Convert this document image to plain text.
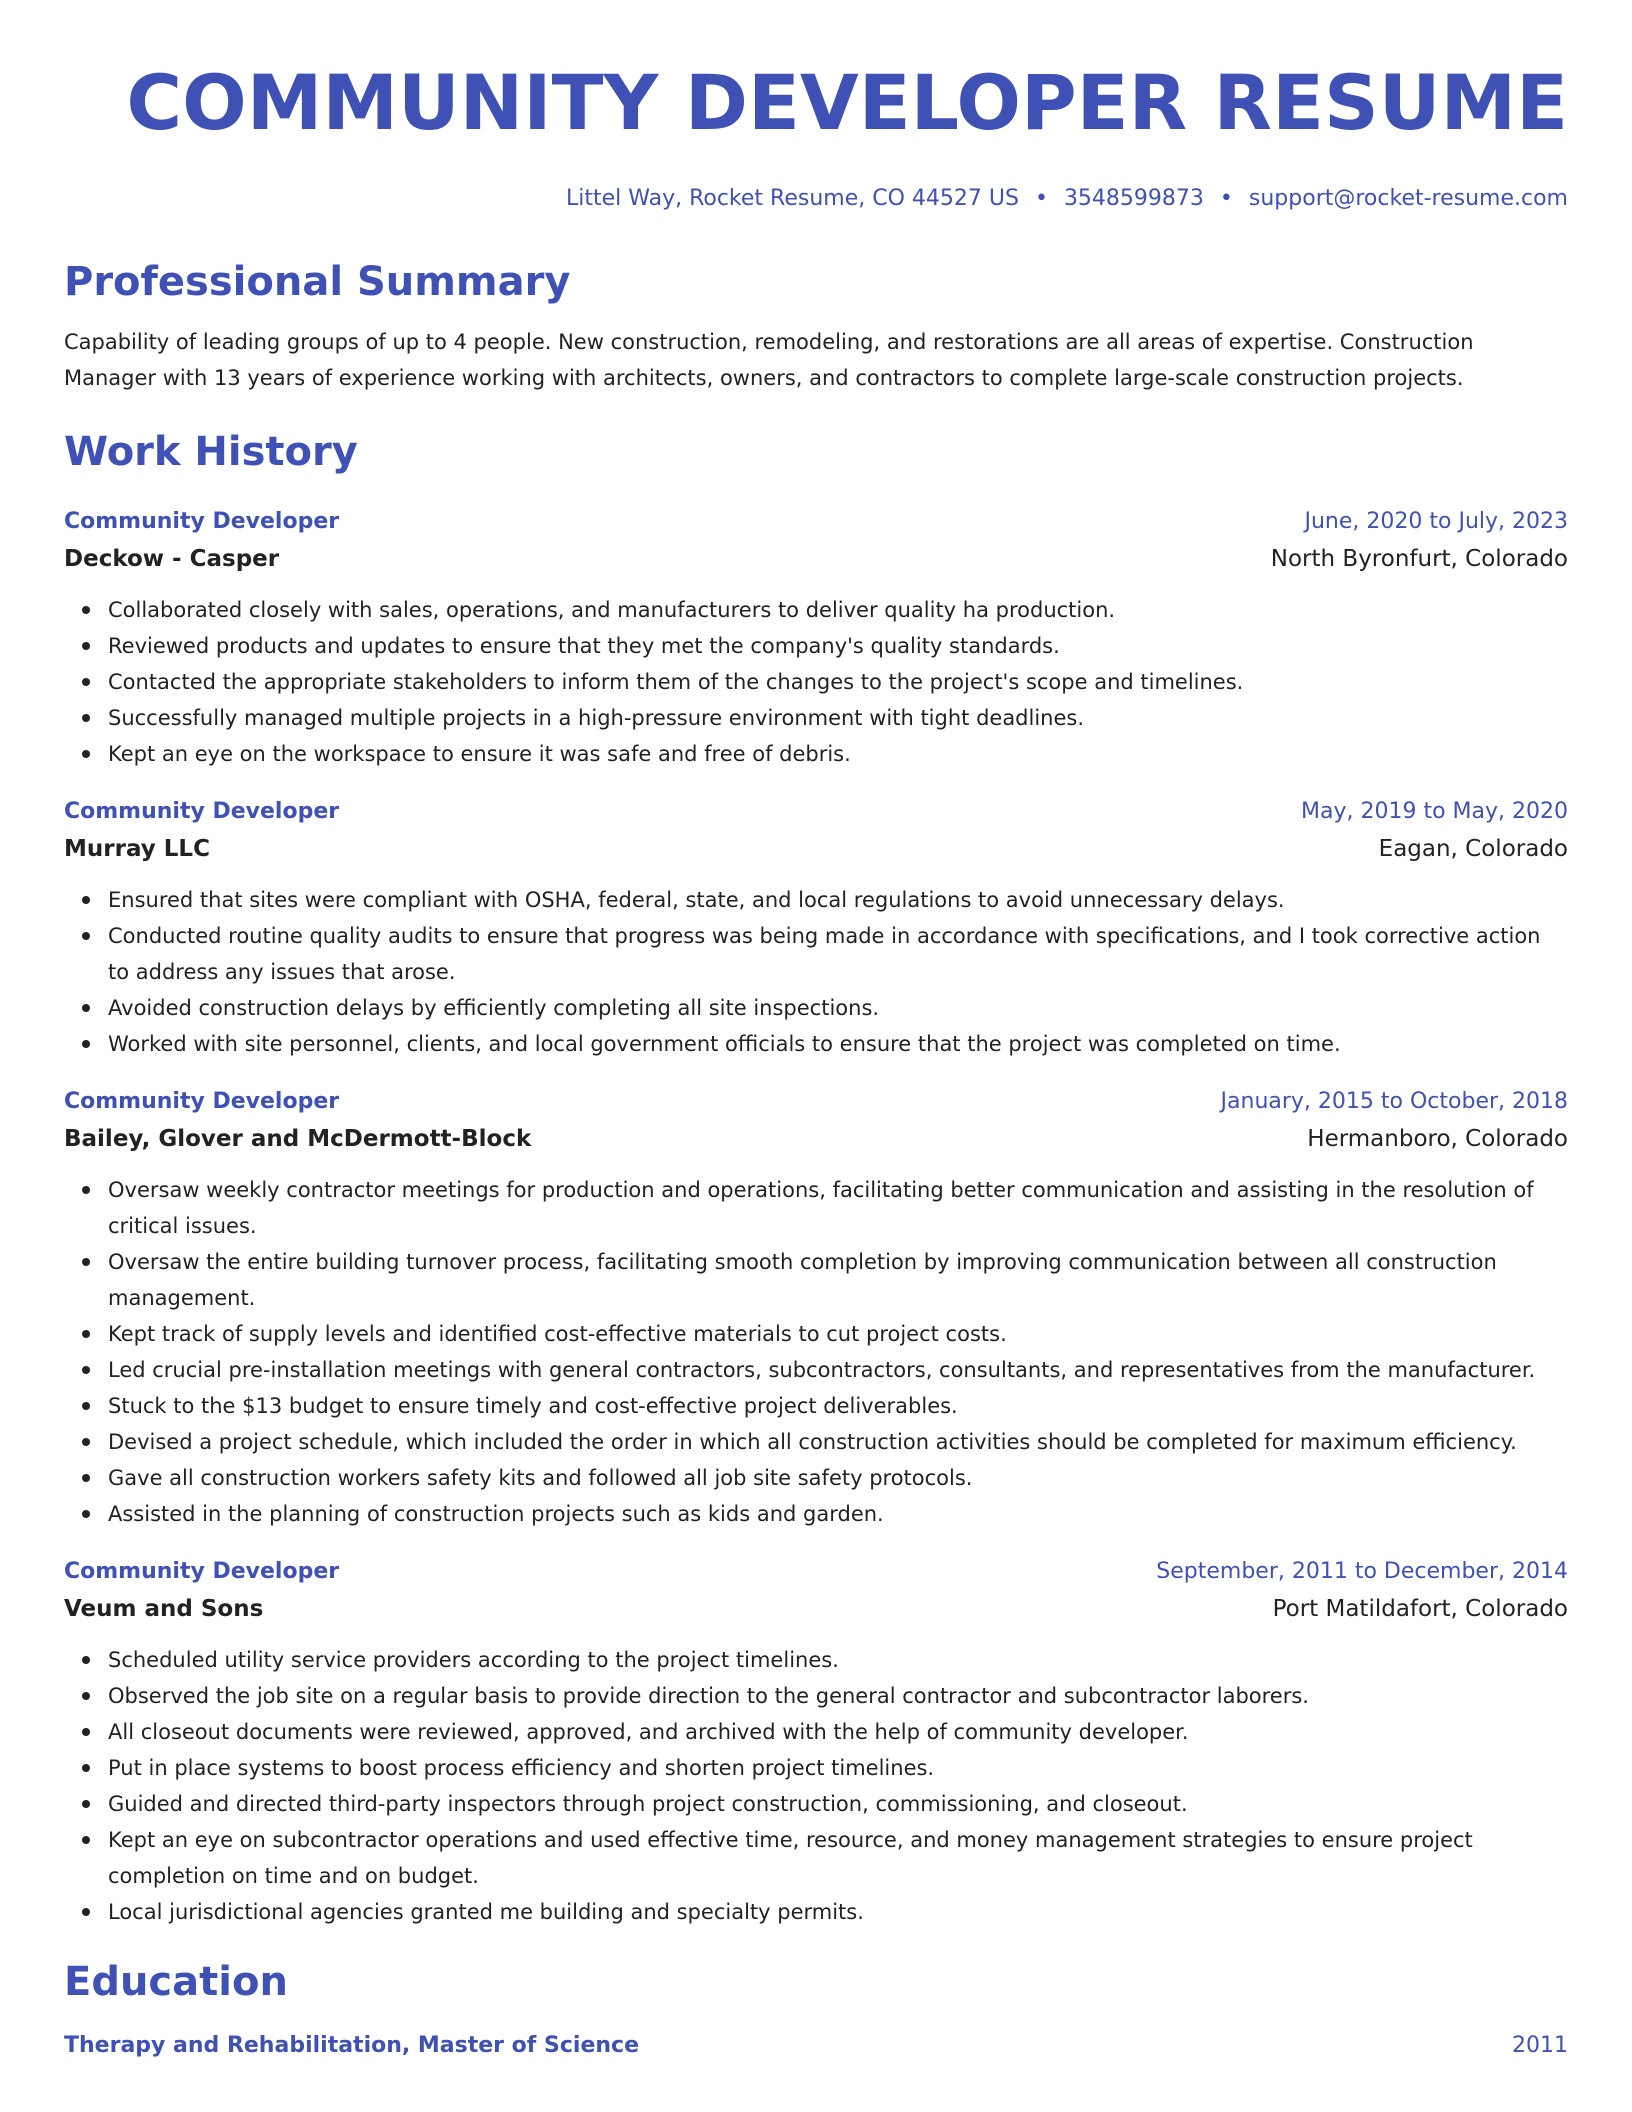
COMMUNITY DEVELOPER RESUME
Littel Way, Rocket Resume, CO 44527 US • 3548599873 • support@rocket-resume.com
Professional Summary

Capability of leading groups of up to 4 people. New construction, remodeling, and restorations are all areas of expertise. Construction Manager with 13 years of experience working with architects, owners, and contractors to complete large-scale construction projects.

Work History
Community Developer	June, 2020 to July, 2023
Deckow - Casper	North Byronfurt, Colorado
Collaborated closely with sales, operations, and manufacturers to deliver quality ha production.
Reviewed products and updates to ensure that they met the company's quality standards.
Contacted the appropriate stakeholders to inform them of the changes to the project's scope and timelines.
Successfully managed multiple projects in a high-pressure environment with tight deadlines.
Kept an eye on the workspace to ensure it was safe and free of debris.
Community Developer	May, 2019 to May, 2020
Murray LLC	Eagan, Colorado
Ensured that sites were compliant with OSHA, federal, state, and local regulations to avoid unnecessary delays.
Conducted routine quality audits to ensure that progress was being made in accordance with specifications, and I took corrective action to address any issues that arose.
Avoided construction delays by efficiently completing all site inspections.
Worked with site personnel, clients, and local government officials to ensure that the project was completed on time.
Community Developer	January, 2015 to October, 2018
Bailey, Glover and McDermott-Block	Hermanboro, Colorado
Oversaw weekly contractor meetings for production and operations, facilitating better communication and assisting in the resolution of critical issues.
Oversaw the entire building turnover process, facilitating smooth completion by improving communication between all construction management.
Kept track of supply levels and identified cost-effective materials to cut project costs.
Led crucial pre-installation meetings with general contractors, subcontractors, consultants, and representatives from the manufacturer.
Stuck to the $13 budget to ensure timely and cost-effective project deliverables.
Devised a project schedule, which included the order in which all construction activities should be completed for maximum efficiency.
Gave all construction workers safety kits and followed all job site safety protocols.
Assisted in the planning of construction projects such as kids and garden.
Community Developer	September, 2011 to December, 2014
Veum and Sons	Port Matildafort, Colorado
Scheduled utility service providers according to the project timelines.
Observed the job site on a regular basis to provide direction to the general contractor and subcontractor laborers.
All closeout documents were reviewed, approved, and archived with the help of community developer.
Put in place systems to boost process efficiency and shorten project timelines.
Guided and directed third-party inspectors through project construction, commissioning, and closeout.
Kept an eye on subcontractor operations and used effective time, resource, and money management strategies to ensure project completion on time and on budget.
Local jurisdictional agencies granted me building and specialty permits.
Education
Therapy and Rehabilitation, Master of Science	2011
